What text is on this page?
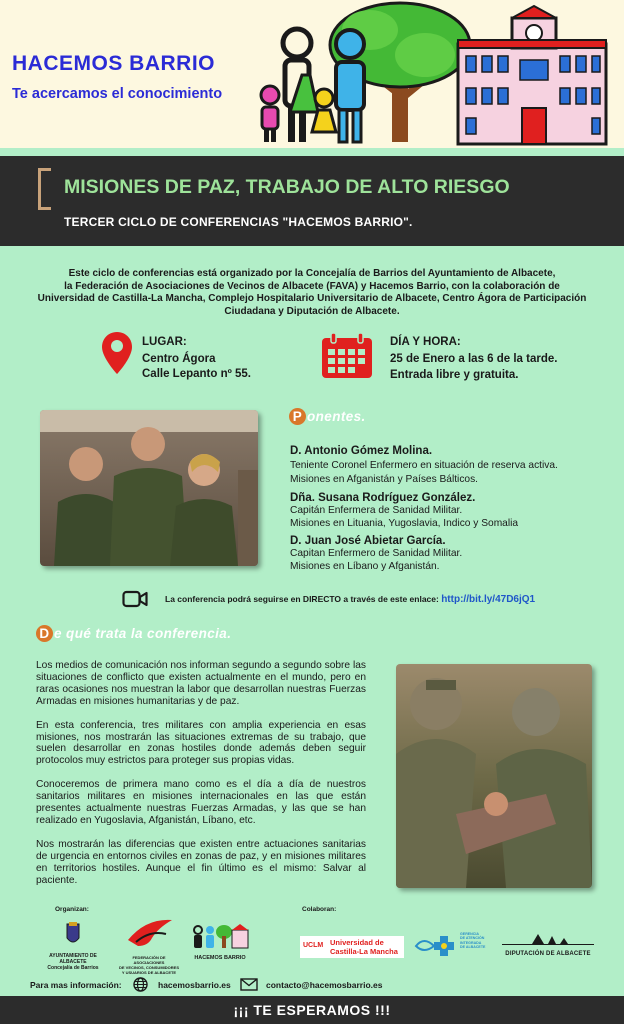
HACEMOS BARRIO
Te acercamos el conocimiento
MISIONES DE PAZ, TRABAJO DE ALTO RIESGO
TERCER CICLO DE CONFERENCIAS "HACEMOS BARRIO".
Este ciclo de conferencias está organizado por la Concejalía de Barrios del Ayuntamiento de Albacete,
la Federación de Asociaciones de Vecinos de Albacete (FAVA) y Hacemos Barrio, con la colaboración de
Universidad de Castilla-La Mancha, Complejo Hospitalario Universitario de Albacete, Centro Ágora de Participación
Ciudadana y Diputación de Albacete.
LUGAR:
Centro Ágora
Calle Lepanto nº 55.
DÍA Y HORA:
25 de Enero a las 6 de la tarde.
Entrada libre y gratuita.
P onentes.
D. Antonio Gómez Molina.
Teniente Coronel Enfermero en situación de reserva activa.
Misiones en Afganistán y Países Bálticos.
Dña. Susana Rodríguez González.
Capitán Enfermera de Sanidad Militar.
Misiones en Lituania, Yugoslavia, Indico y Somalia
D. Juan José Abietar García.
Capitan Enfermero de Sanidad Militar.
Misiones en Líbano y Afganistán.
La conferencia podrá seguirse en DIRECTO a través de este enlace: http://bit.ly/47D6jQ1
D e qué trata la conferencia.

Los medios de comunicación nos informan segundo a segundo sobre las situaciones de conflicto que existen actualmente en el mundo, pero en raras ocasiones nos muestran la labor que desarrollan nuestras Fuerzas Armadas en misiones humanitarias y de paz.

En esta conferencia, tres militares con amplia experiencia en esas misiones, nos mostrarán las situaciones extremas de su trabajo, que suelen desarrollar en zonas hostiles donde además deben seguir protocolos muy estrictos para proteger sus propias vidas.

Conoceremos de primera mano como es el día a día de nuestros sanitarios militares en misiones internacionales en las que están presentes actualmente nuestras Fuerzas Armadas, y las que se han realizado en Yugoslavia, Afganistán, Líbano, etc.

Nos mostrarán las diferencias que existen entre actuaciones sanitarias de urgencia en entornos civiles en zonas de paz, y en misiones militares en territorios hostiles. Aunque el fin último es el mismo: Salvar al paciente.

Organizan:	Colaboran:
AYUNTAMIENTO DE ALBACETE
Concejalía de Barrios
FEDERACIÓN DE ASOCIACIONES
DE VECINOS, CONSUMIDORES Y USUARIOS DE ALBACETE
HACEMOS BARRIO
UCLM Universidad de
Castilla-La Mancha
GERENCIA
DE ATENCIÓN
INTEGRADA
DE ALBACETE
DIPUTACIÓN DE ALBACETE
Para mas información:	hacemosbarrio.es	contacto@hacemosbarrio.es
¡¡¡ TE ESPERAMOS !!!
